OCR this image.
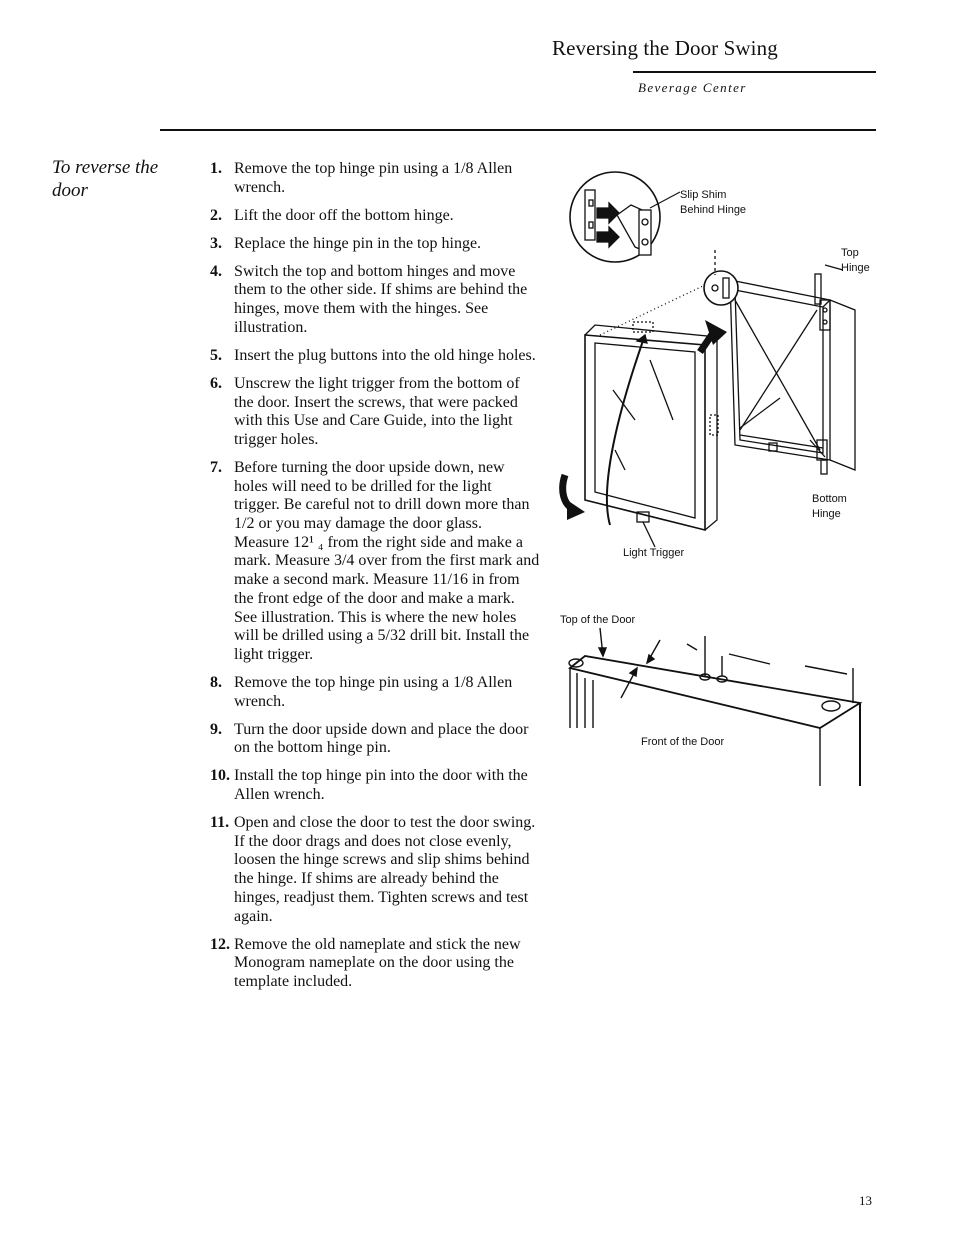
Reversing the Door Swing
Beverage Center
To reverse the door
1. Remove the top hinge pin using a 1/8 Allen wrench.
2. Lift the door off the bottom hinge.
3. Replace the hinge pin in the top hinge.
4. Switch the top and bottom hinges and move them to the other side. If shims are behind the hinges, move them with the hinges. See illustration.
5. Insert the plug buttons into the old hinge holes.
6. Unscrew the light trigger from the bottom of the door. Insert the screws, that were packed with this Use and Care Guide, into the light trigger holes.
7. Before turning the door upside down, new holes will need to be drilled for the light trigger. Be careful not to drill down more than 1/2 or you may damage the door glass. Measure 12¹ ₄ from the right side and make a mark. Measure 3/4 over from the first mark and make a second mark. Measure 11/16 in from the front edge of the door and make a mark. See illustration. This is where the new holes will be drilled using a 5/32 drill bit. Install the light trigger.
8. Remove the top hinge pin using a 1/8 Allen wrench.
9. Turn the door upside down and place the door on the bottom hinge pin.
10. Install the top hinge pin into the door with the Allen wrench.
11. Open and close the door to test the door swing. If the door drags and does not close evenly, loosen the hinge screws and slip shims behind the hinge. If shims are already behind the hinges, readjust them. Tighten screws and test again.
12. Remove the old nameplate and stick the new Monogram nameplate on the door using the template included.
Slip Shim
Behind Hinge
Top
Hinge
Bottom
Hinge
Light Trigger
Top of the Door
Front of the Door
13
